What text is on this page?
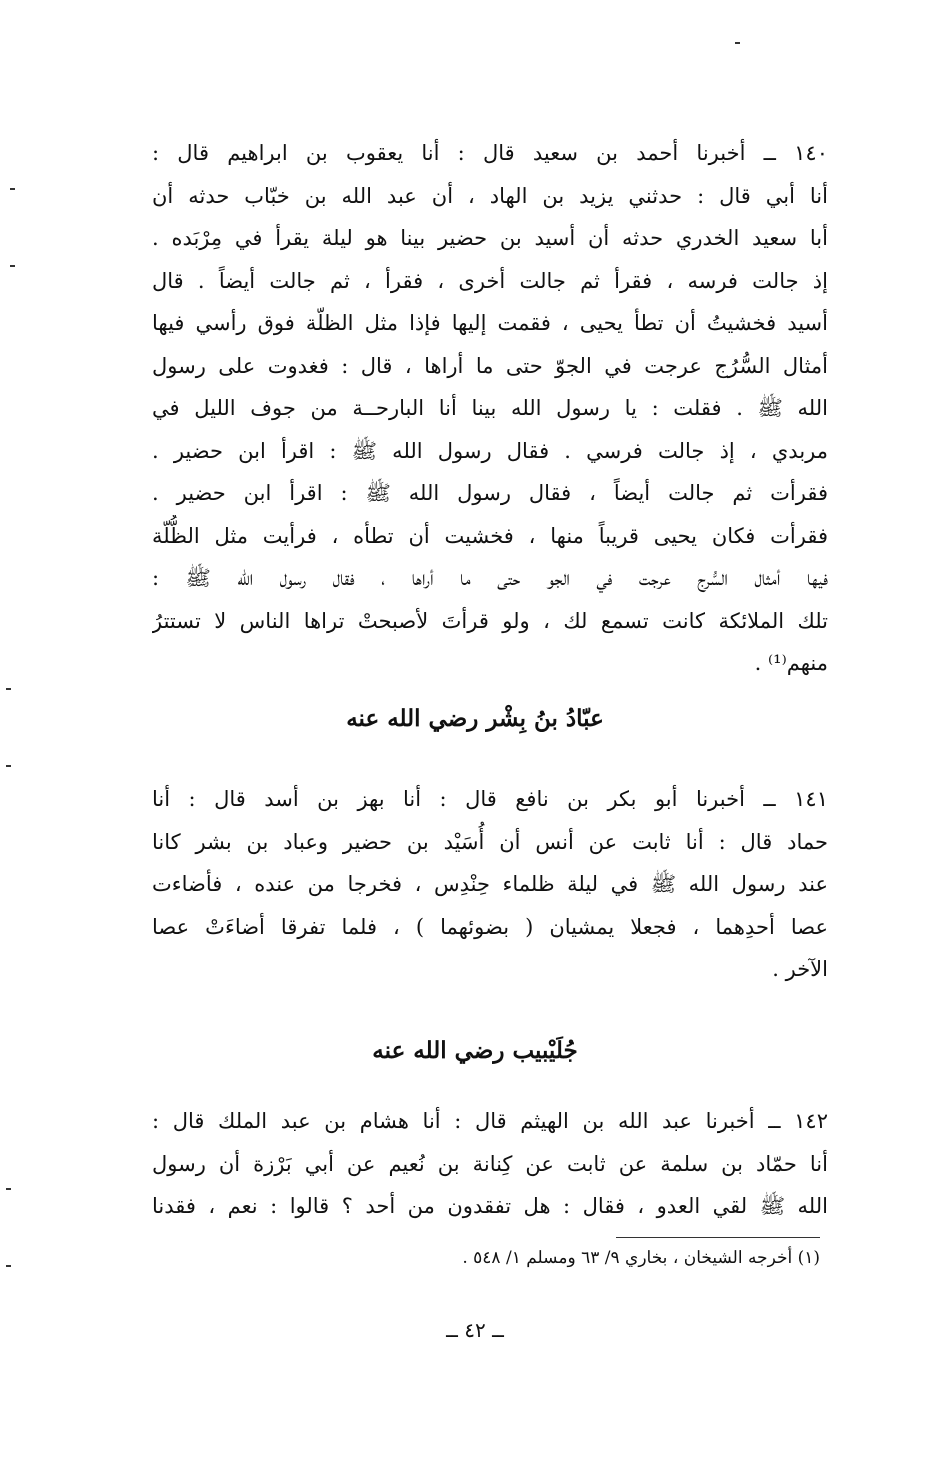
١٤٠ ــ أخبرنا أحمد بن سعيد قال : أنا يعقوب بن ابراهيم قال :
أنا أبي قال : حدثني يزيد بن الهاد ، أن عبد الله بن خبّاب حدثه أن
أبا سعيد الخدري حدثه أن أسيد بن حضير بينا هو ليلة يقرأ في مِرْبَده .
إذ جالت فرسه ، فقرأ ثم جالت أخرى ، فقرأ ، ثم جالت أيضاً . قال
أسيد فخشيتُ أن تطأ يحيى ، فقمت إليها فإذا مثل الظلّة فوق رأسي فيها
أمثال السُّرُج عرجت في الجوّ حتى ما أراها ، قال : فغدوت على رسول
الله ﷺ . فقلت : يا رسول الله بينا أنا البارحــة من جوف الليل في
مربدي ، إذ جالت فرسي . فقال رسول الله ﷺ : اقرأ ابن حضير .
فقرأت ثم جالت أيضاً ، فقال رسول الله ﷺ : اقرأ ابن حضير .
فقرأت فكان يحيى قريباً منها ، فخشيت أن تطأه ، فرأيت مثل الظُّلّة
فيها أمثال السُّرج عرجت في الجو حتى ما أراها ، فقال رسول الله ﷺ :
تلك الملائكة كانت تسمع لك ، ولو قرأتَ لأصبحتْ تراها الناس لا تستترُ
منهم⁽¹⁾ .
عبّادُ بنُ بِشْر رضي الله عنه
١٤١ ــ أخبرنا أبو بكر بن نافع قال : أنا بهز بن أسد قال : أنا
حماد قال : أنا ثابت عن أنس أن أُسَيْد بن حضير وعباد بن بشر كانا
عند رسول الله ﷺ في ليلة ظلماء حِنْدِس ، فخرجا من عنده ، فأضاءت
عصا أحدِهما ، فجعلا يمشيان ( بضوئهما ) ، فلما تفرقا أضاءَتْ عصا
الآخر .
جُلَيْبيب رضي الله عنه
١٤٢ ــ أخبرنا عبد الله بن الهيثم قال : أنا هشام بن عبد الملك قال :
أنا حمّاد بن سلمة عن ثابت عن كِنانة بن نُعيم عن أبي بَرْزة أن رسول
الله ﷺ لقي العدو ، فقال : هل تفقدون من أحد ؟ قالوا : نعم ، فقدنا
(١) أخرجه الشيخان ، بخاري ٩/ ٦٣ ومسلم ١/ ٥٤٨ .
ــ ٤٢ ــ
